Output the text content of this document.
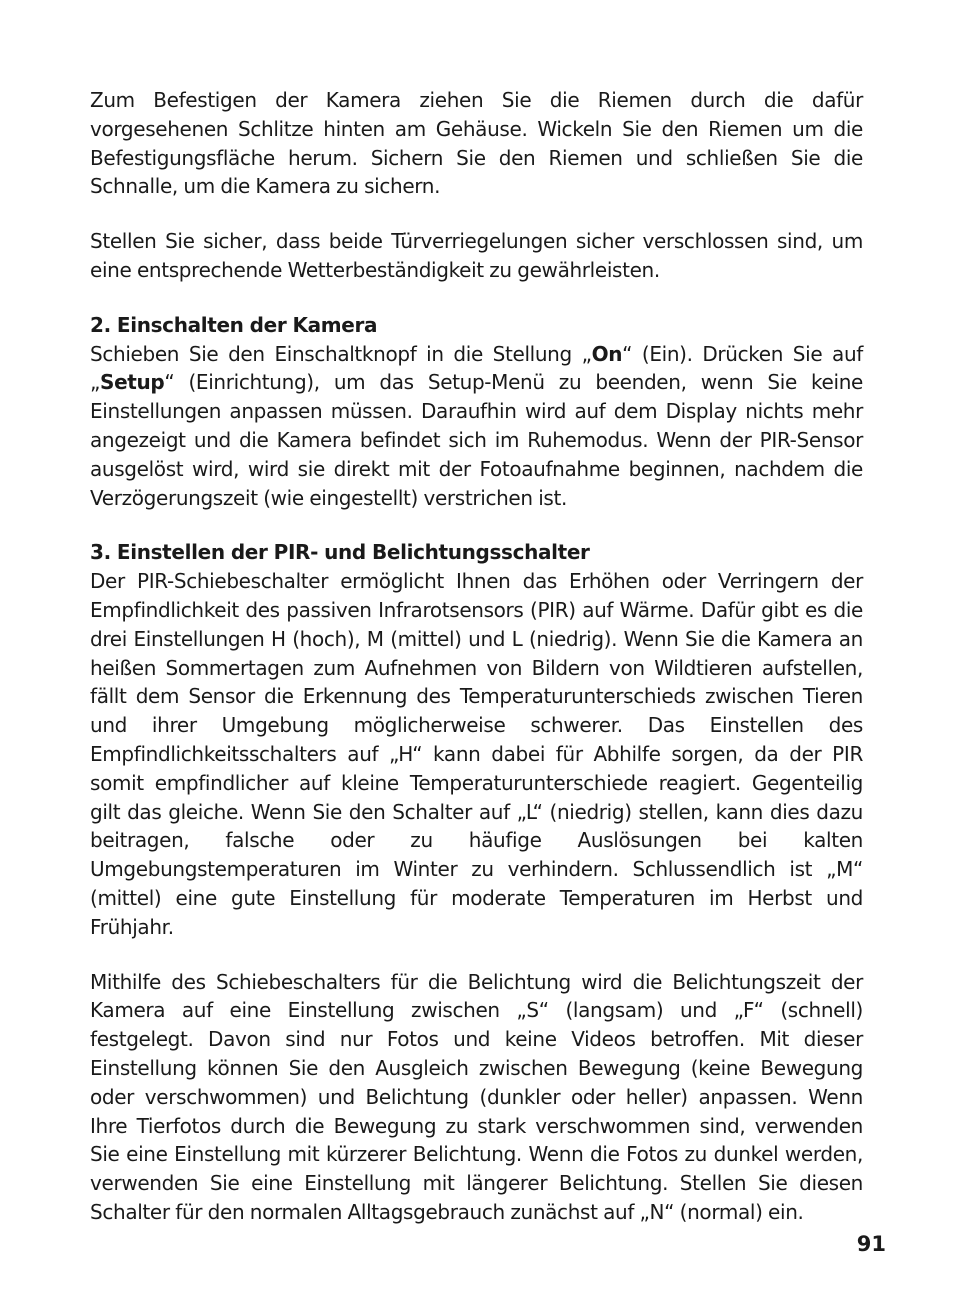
Zum Befestigen der Kamera ziehen Sie die Riemen durch die dafür vorgesehenen Schlitze hinten am Gehäuse. Wickeln Sie den Riemen um die Befestigungsfläche herum. Sichern Sie den Riemen und schließen Sie die Schnalle, um die Kamera zu sichern.

Stellen Sie sicher, dass beide Türverriegelungen sicher verschlossen sind, um eine entsprechende Wetterbeständigkeit zu gewährleisten.

2. Einschalten der Kamera
Schieben Sie den Einschaltknopf in die Stellung „On“ (Ein). Drücken Sie auf „Setup“ (Einrichtung), um das Setup-Menü zu beenden, wenn Sie keine Einstellungen anpassen müssen. Daraufhin wird auf dem Display nichts mehr angezeigt und die Kamera befindet sich im Ruhemodus. Wenn der PIR-Sensor ausgelöst wird, wird sie direkt mit der Fotoaufnahme beginnen, nachdem die Verzögerungszeit (wie eingestellt) verstrichen ist.

3. Einstellen der PIR- und Belichtungsschalter
Der PIR-Schiebeschalter ermöglicht Ihnen das Erhöhen oder Verringern der Empfindlichkeit des passiven Infrarotsensors (PIR) auf Wärme. Dafür gibt es die drei Einstellungen H (hoch), M (mittel) und L (niedrig). Wenn Sie die Kamera an heißen Sommertagen zum Aufnehmen von Bildern von Wildtieren aufstellen, fällt dem Sensor die Erkennung des Temperaturunterschieds zwischen Tieren und ihrer Umgebung möglicherweise schwerer. Das Einstellen des Empfindlichkeitsschalters auf „H“ kann dabei für Abhilfe sorgen, da der PIR somit empfindlicher auf kleine Temperaturunterschiede reagiert. Gegenteilig gilt das gleiche. Wenn Sie den Schalter auf „L“ (niedrig) stellen, kann dies dazu beitragen, falsche oder zu häufige Auslösungen bei kalten Umgebungstemperaturen im Winter zu verhindern. Schlussendlich ist „M“ (mittel) eine gute Einstellung für moderate Temperaturen im Herbst und Frühjahr.

Mithilfe des Schiebeschalters für die Belichtung wird die Belichtungszeit der Kamera auf eine Einstellung zwischen „S“ (langsam) und „F“ (schnell) festgelegt. Davon sind nur Fotos und keine Videos betroffen. Mit dieser Einstellung können Sie den Ausgleich zwischen Bewegung (keine Bewegung oder verschwommen) und Belichtung (dunkler oder heller) anpassen. Wenn Ihre Tierfotos durch die Bewegung zu stark verschwommen sind, verwenden Sie eine Einstellung mit kürzerer Belichtung. Wenn die Fotos zu dunkel werden, verwenden Sie eine Einstellung mit längerer Belichtung. Stellen Sie diesen Schalter für den normalen Alltagsgebrauch zunächst auf „N“ (normal) ein.

91
